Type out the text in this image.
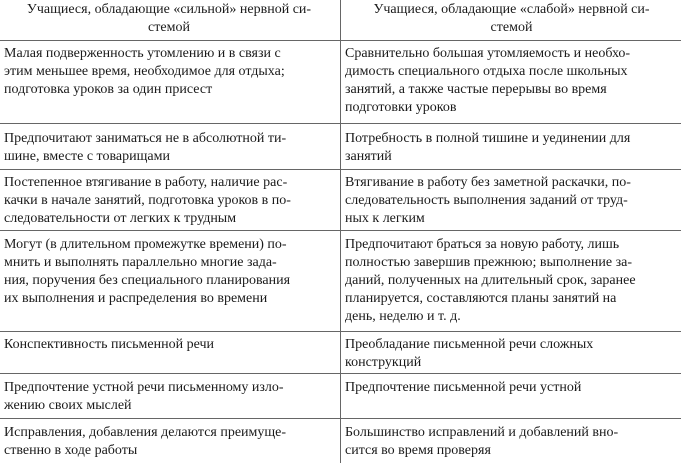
Учащиеся, обладающие «сильной» нервной си-
стемой
Учащиеся, обладающие «слабой» нервной си-
стемой
Малая подверженность утомлению и в связи с
этим меньшее время, необходимое для отдыха;
подготовка уроков за один присест
Сравнительно большая утомляемость и необхо-
димость специального отдыха после школьных
занятий, а также частые перерывы во время
подготовки уроков
Предпочитают заниматься не в абсолютной ти-
шине, вместе с товарищами
Потребность в полной тишине и уединении для
занятий
Постепенное втягивание в работу, наличие рас-
качки в начале занятий, подготовка уроков в по-
следовательности от легких к трудным
Втягивание в работу без заметной раскачки, по-
следовательность выполнения заданий от труд-
ных к легким
Могут (в длительном промежутке времени) по-
мнить и выполнять параллельно многие зада-
ния, поручения без специального планирования
их выполнения и распределения во времени
Предпочитают браться за новую работу, лишь
полностью завершив прежнюю; выполнение за-
даний, полученных на длительный срок, заранее
планируется, составляются планы занятий на
день, неделю и т. д.
Конспективность письменной речи	Преобладание письменной речи сложных
конструкций
Предпочтение устной речи письменному изло-
жению своих мыслей
Предпочтение письменной речи устной
Исправления, добавления делаются преимуще-
ственно в ходе работы
Большинство исправлений и добавлений вно-
сится во время проверяя
